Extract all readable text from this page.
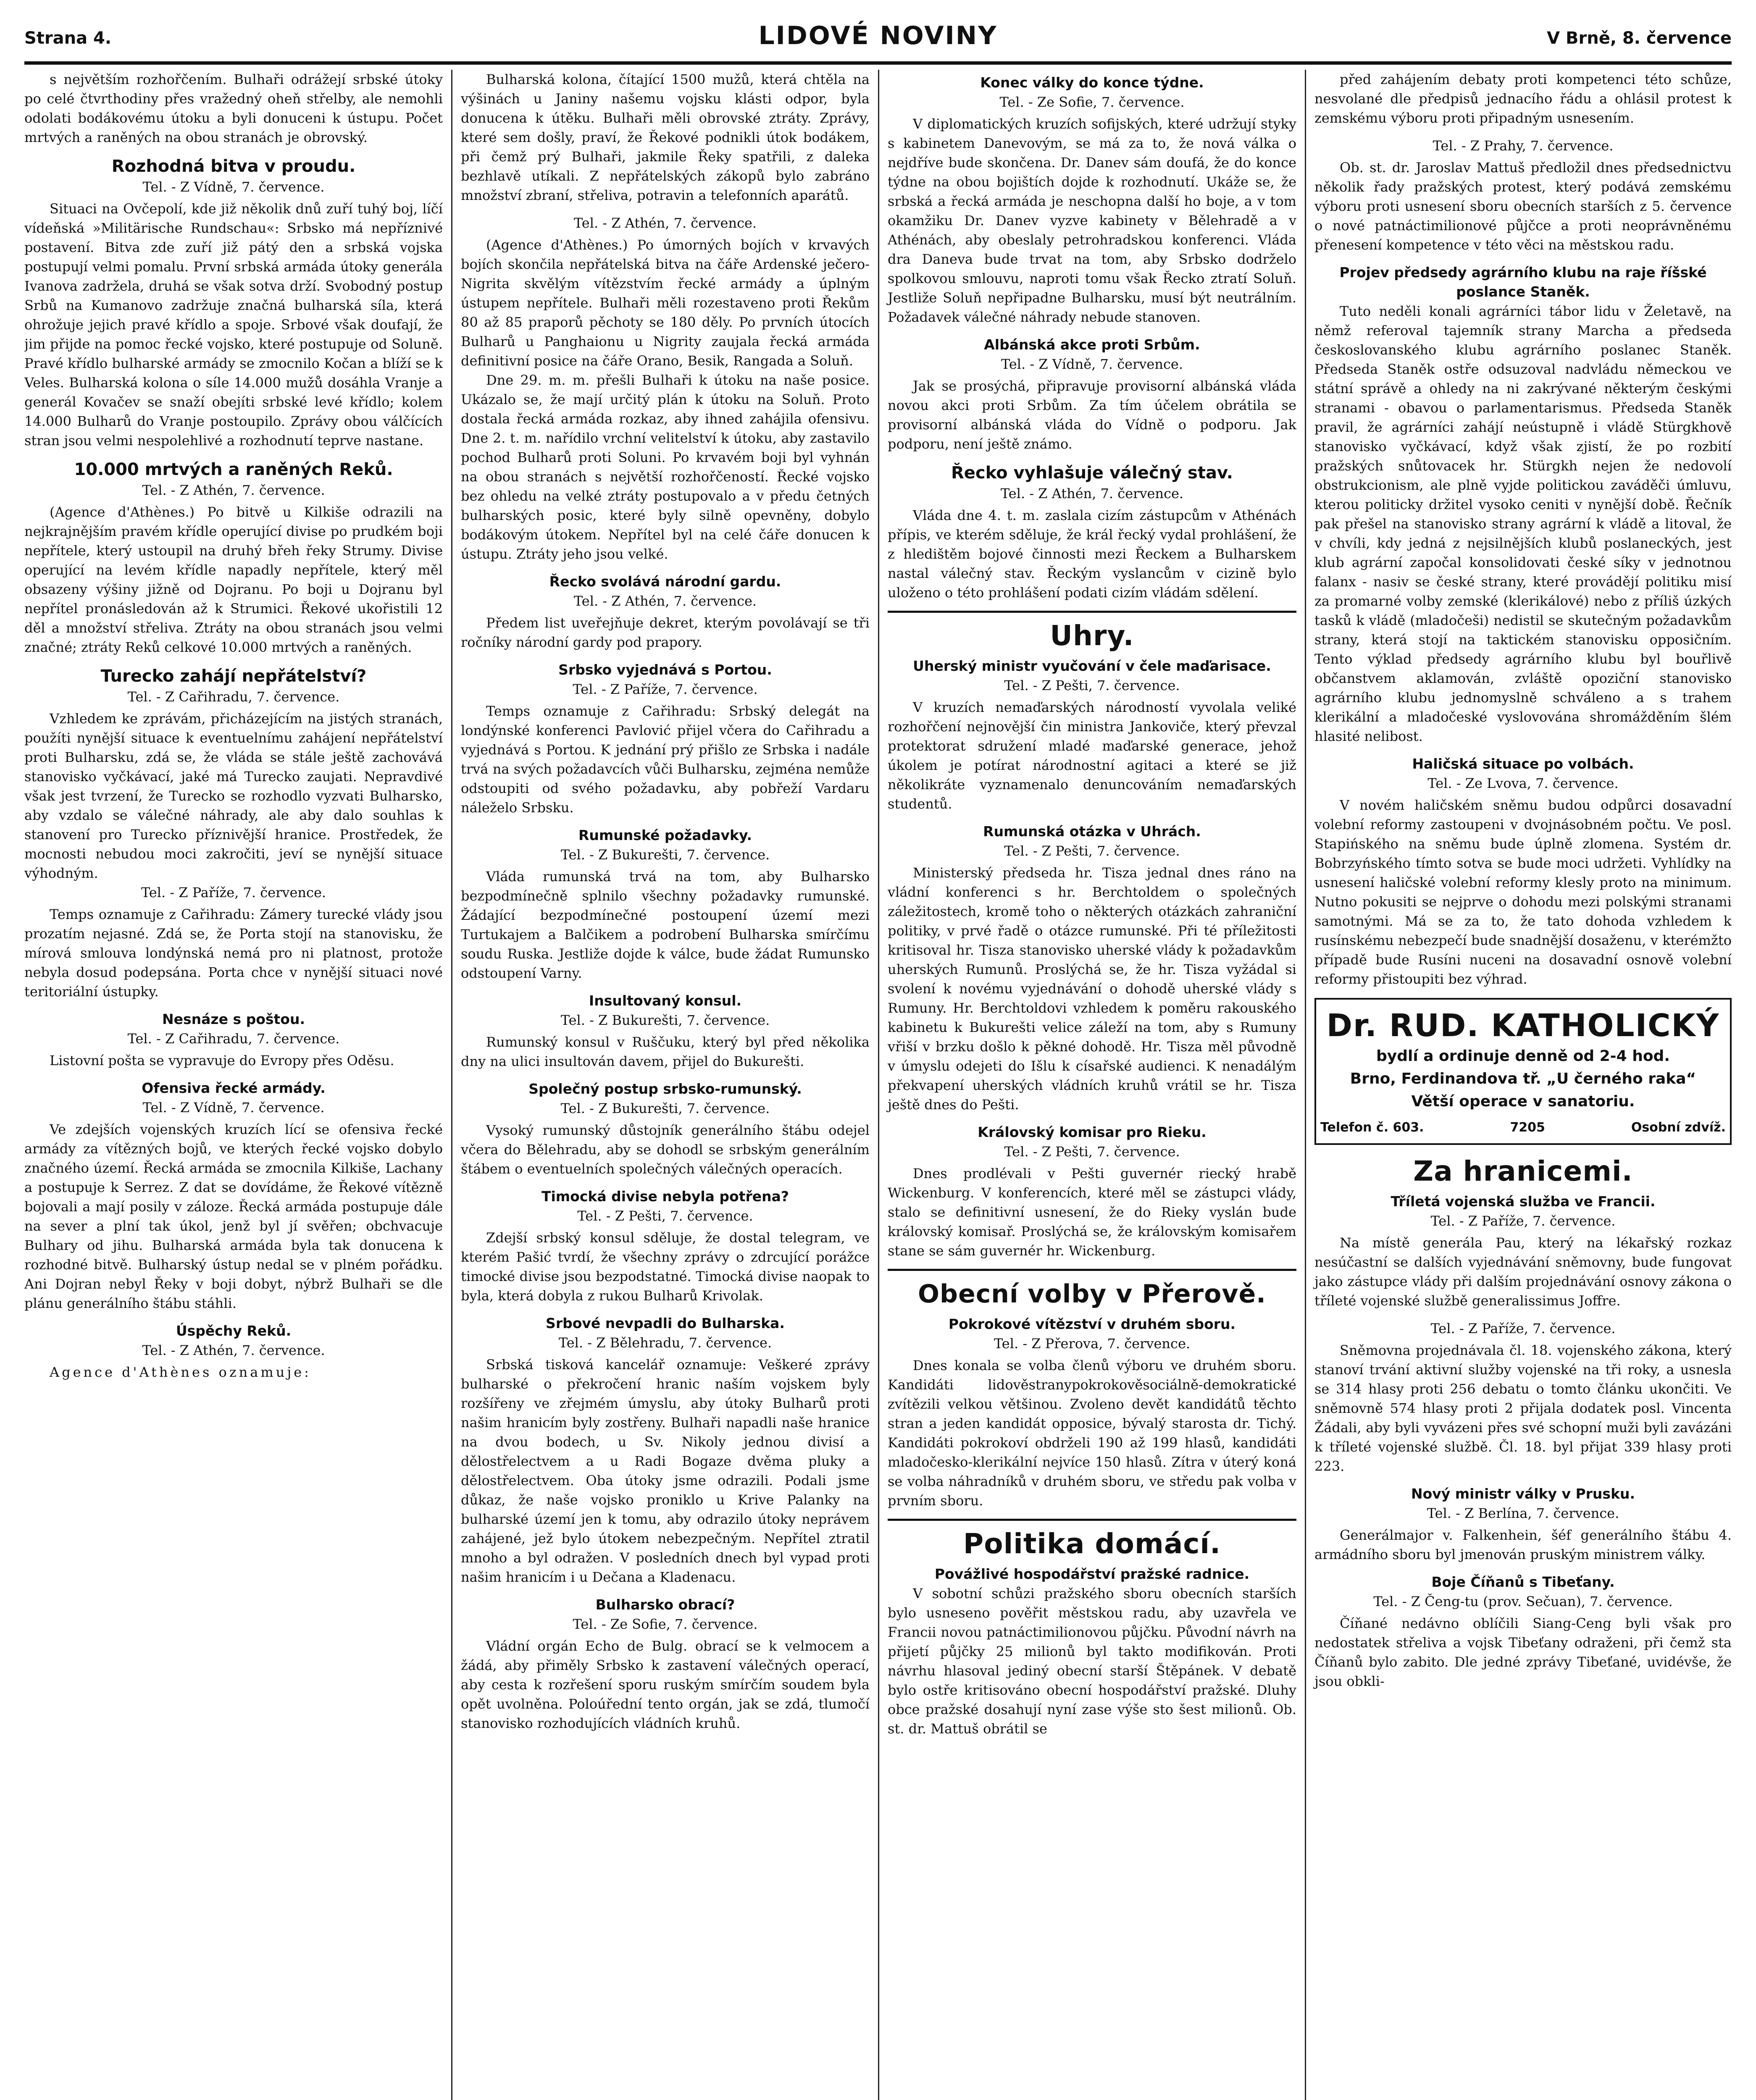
Strana 4.	LIDOVÉ NOVINY	V Brně, 8. července

s největším rozhořčením. Bulhaři odrážejí srbské útoky po celé čtvrthodiny přes vražedný oheň střelby, ale nemohli odolati bodákovému útoku a byli donuceni k ústupu. Počet mrtvých a raněných na obou stranách je obrovský.

Rozhodná bitva v proudu.
Tel. - Z Vídně, 7. července.

Situaci na Ovčepolí, kde již několik dnů zuří tuhý boj, líčí vídeňská »Militärische Rundschau«: Srbsko má nepříznivé postavení. Bitva zde zuří již pátý den a srbská vojska postupují velmi pomalu. První srbská armáda útoky generála Ivanova zadržela, druhá se však sotva drží. Svobodný postup Srbů na Kumanovo zadržuje značná bulharská síla, která ohrožuje jejich pravé křídlo a spoje. Srbové však doufají, že jim přijde na pomoc řecké vojsko, které postupuje od Soluně. Pravé křídlo bulharské armády se zmocnilo Kočan a blíží se k Veles. Bulharská kolona o síle 14.000 mužů dosáhla Vranje a generál Kovačev se snaží obejíti srbské levé křídlo; kolem 14.000 Bulharů do Vranje postoupilo. Zprávy obou válčících stran jsou velmi nespolehlivé a rozhodnutí teprve nastane.

10.000 mrtvých a raněných Reků.
Tel. - Z Athén, 7. července.

(Agence d'Athènes.) Po bitvě u Kilkiše odrazili na nejkrajnějším pravém křídle operující divise po prudkém boji nepřítele, který ustoupil na druhý břeh řeky Strumy. Divise operující na levém křídle napadly nepřítele, který měl obsazeny výšiny jižně od Dojranu. Po boji u Dojranu byl nepřítel pronásledován až k Strumici. Řekové ukořistili 12 děl a množství střeliva. Ztráty na obou stranách jsou velmi značné; ztráty Reků celkové 10.000 mrtvých a raněných.

Turecko zahájí nepřátelství?
Tel. - Z Cařihradu, 7. července.

Vzhledem ke zprávám, přicházejícím na jistých stranách, použíti nynější situace k eventuelnímu zahájení nepřátelství proti Bulharsku, zdá se, že vláda se stále ještě zachovává stanovisko vyčkávací, jaké má Turecko zaujati. Nepravdivé však jest tvrzení, že Turecko se rozhodlo vyzvati Bulharsko, aby vzdalo se válečné náhrady, ale aby dalo souhlas k stanovení pro Turecko příznivější hranice. Prostředek, že mocnosti nebudou moci zakročiti, jeví se nynější situace výhodným.

Tel. - Z Paříže, 7. července.

Temps oznamuje z Cařihradu: Zámery turecké vlády jsou prozatím nejasné. Zdá se, že Porta stojí na stanovisku, že mírová smlouva londýnská nemá pro ni platnost, protože nebyla dosud podepsána. Porta chce v nynější situaci nové teritoriální ústupky.

Nesnáze s poštou.
Tel. - Z Cařihradu, 7. července.

Listovní pošta se vypravuje do Evropy přes Oděsu.

Ofensiva řecké armády.
Tel. - Z Vídně, 7. července.

Ve zdejších vojenských kruzích lící se ofensiva řecké armády za vítězných bojů, ve kterých řecké vojsko dobylo značného území. Řecká armáda se zmocnila Kilkiše, Lachany a postupuje k Serrez. Z dat se dovídáme, že Řekové vítězně bojovali a mají posily v záloze. Řecká armáda postupuje dále na sever a plní tak úkol, jenž byl jí svěřen; obchvacuje Bulhary od jihu. Bulharská armáda byla tak donucena k rozhodné bitvě. Bulharský ústup nedal se v plném pořádku. Ani Dojran nebyl Řeky v boji dobyt, nýbrž Bulhaři se dle plánu generálního štábu stáhli.

Úspěchy Reků.
Tel. - Z Athén, 7. července.

Agence d'Athènes oznamuje:

Bulharská kolona, čítající 1500 mužů, která chtěla na výšinách u Janiny našemu vojsku klásti odpor, byla donucena k útěku. Bulhaři měli obrovské ztráty. Zprávy, které sem došly, praví, že Řekové podnikli útok bodákem, při čemž prý Bulhaři, jakmile Řeky spatřili, z daleka bezhlavě utíkali. Z nepřátelských zákopů bylo zabráno množství zbraní, střeliva, potravin a telefonních aparátů.

Tel. - Z Athén, 7. července.

(Agence d'Athènes.) Po úmorných bojích v krvavých bojích skončila nepřátelská bitva na čáře Ardenské ječero-Nigrita skvělým vítězstvím řecké armády a úplným ústupem nepřítele. Bulhaři měli rozestaveno proti Řekům 80 až 85 praporů pěchoty se 180 děly. Po prvních útocích Bulharů u Panghaionu u Nigrity zaujala řecká armáda definitivní posice na čáře Orano, Besik, Rangada a Soluň.

Dne 29. m. m. přešli Bulhaři k útoku na naše posice. Ukázalo se, že mají určitý plán k útoku na Soluň. Proto dostala řecká armáda rozkaz, aby ihned zahájila ofensivu. Dne 2. t. m. nařídilo vrchní velitelství k útoku, aby zastavilo pochod Bulharů proti Soluni. Po krvavém boji byl vyhnán na obou stranách s největší rozhořčeností. Řecké vojsko bez ohledu na velké ztráty postupovalo a v předu četných bulharských posic, které byly silně opevněny, dobylo bodákovým útokem. Nepřítel byl na celé čáře donucen k ústupu. Ztráty jeho jsou velké.

Řecko svolává národní gardu.
Tel. - Z Athén, 7. července.

Předem list uveřejňuje dekret, kterým povolávají se tři ročníky národní gardy pod prapory.

Srbsko vyjednává s Portou.
Tel. - Z Paříže, 7. července.

Temps oznamuje z Cařihradu: Srbský delegát na londýnské konferenci Pavlović přijel včera do Cařihradu a vyjednává s Portou. K jednání prý přišlo ze Srbska i nadále trvá na svých požadavcích vůči Bulharsku, zejména nemůže odstoupiti od svého požadavku, aby pobřeží Vardaru náleželo Srbsku.

Rumunské požadavky.
Tel. - Z Bukurešti, 7. července.

Vláda rumunská trvá na tom, aby Bulharsko bezpodmínečně splnilo všechny požadavky rumunské. Žádající bezpodmínečné postoupení území mezi Turtukajem a Balčikem a podrobení Bulharska smírčímu soudu Ruska. Jestliže dojde k válce, bude žádat Rumunsko odstoupení Varny.

Insultovaný konsul.
Tel. - Z Bukurešti, 7. července.

Rumunský konsul v Ruščuku, který byl před několika dny na ulici insultován davem, přijel do Bukurešti.

Společný postup srbsko-rumunský.
Tel. - Z Bukurešti, 7. července.

Vysoký rumunský důstojník generálního štábu odejel včera do Bělehradu, aby se dohodl se srbským generálním štábem o eventuelních společných válečných operacích.

Timocká divise nebyla potřena?
Tel. - Z Pešti, 7. července.

Zdejší srbský konsul sděluje, že dostal telegram, ve kterém Pašić tvrdí, že všechny zprávy o zdrcující porážce timocké divise jsou bezpodstatné. Timocká divise naopak to byla, která dobyla z rukou Bulharů Krivolak.

Srbové nevpadli do Bulharska.
Tel. - Z Bělehradu, 7. července.

Srbská tisková kancelář oznamuje: Veškeré zprávy bulharské o překročení hranic naším vojskem byly rozšířeny ve zřejmém úmyslu, aby útoky Bulharů proti našim hranicím byly zostřeny. Bulhaři napadli naše hranice na dvou bodech, u Sv. Nikoly jednou divisí a dělostřelectvem a u Radi Bogaze dvěma pluky a dělostřelectvem. Oba útoky jsme odrazili. Podali jsme důkaz, že naše vojsko proniklo u Krive Palanky na bulharské území jen k tomu, aby odrazilo útoky neprávem zahájené, jež bylo útokem nebezpečným. Nepřítel ztratil mnoho a byl odražen. V posledních dnech byl vypad proti našim hranicím i u Dečana a Kladenacu.

Bulharsko obrací?
Tel. - Ze Sofie, 7. července.

Vládní orgán Echo de Bulg. obrací se k velmocem a žádá, aby přiměly Srbsko k zastavení válečných operací, aby cesta k rozřešení sporu ruským smírčím soudem byla opět uvolněna. Poloúřední tento orgán, jak se zdá, tlumočí stanovisko rozhodujících vládních kruhů.

Konec války do konce týdne.
Tel. - Ze Sofie, 7. července.

V diplomatických kruzích sofijských, které udržují styky s kabinetem Danevovým, se má za to, že nová válka o nejdříve bude skončena. Dr. Danev sám doufá, že do konce týdne na obou bojištích dojde k rozhodnutí. Ukáže se, že srbská a řecká armáda je neschopna další ho boje, a v tom okamžiku Dr. Danev vyzve kabinety v Bělehradě a v Athénách, aby obeslaly petrohradskou konferenci. Vláda dra Daneva bude trvat na tom, aby Srbsko dodrželo spolkovou smlouvu, naproti tomu však Řecko ztratí Soluň. Jestliže Soluň nepřipadne Bulharsku, musí být neutrálním. Požadavek válečné náhrady nebude stanoven.

Albánská akce proti Srbům.
Tel. - Z Vídně, 7. července.

Jak se prosýchá, připravuje provisorní albánská vláda novou akci proti Srbům. Za tím účelem obrátila se provisorní albánská vláda do Vídně o podporu. Jak podporu, není ještě známo.

Řecko vyhlašuje válečný stav.
Tel. - Z Athén, 7. července.

Vláda dne 4. t. m. zaslala cizím zástupcům v Athénách přípis, ve kterém sděluje, že král řecký vydal prohlášení, že z hledištěm bojové činnosti mezi Řeckem a Bulharskem nastal válečný stav. Řeckým vyslancům v cizině bylo uloženo o této prohlášení podati cizím vládám sdělení.

Uhry.
Uherský ministr vyučování v čele maďarisace.
Tel. - Z Pešti, 7. července.

V kruzích nemaďarských národností vyvolala veliké rozhořčení nejnovější čin ministra Jankoviče, který převzal protektorat sdružení mladé maďarské generace, jehož úkolem je potírat národnostní agitaci a které se již několikráte vyznamenalo denuncováním nemaďarských studentů.

Rumunská otázka v Uhrách.
Tel. - Z Pešti, 7. července.

Ministerský předseda hr. Tisza jednal dnes ráno na vládní konferenci s hr. Berchtoldem o společných záležitostech, kromě toho o některých otázkách zahraniční politiky, v prvé řadě o otázce rumunské. Při té příležitosti kritisoval hr. Tisza stanovisko uherské vlády k požadavkům uherských Rumunů. Proslýchá se, že hr. Tisza vyžádal si svolení k novému vyjednávání o dohodě uherské vlády s Rumuny. Hr. Berchtoldovi vzhledem k poměru rakouského kabinetu k Bukurešti velice záleží na tom, aby s Rumuny vřiší v brzku došlo k pěkné dohodě. Hr. Tisza měl původně v úmyslu odejeti do Išlu k císařské audienci. K nenadálým překvapení uherských vládních kruhů vrátil se hr. Tisza ještě dnes do Pešti.

Královský komisar pro Rieku.
Tel. - Z Pešti, 7. července.

Dnes prodlévali v Pešti guvernér riecký hrabě Wickenburg. V konferencích, které měl se zástupci vlády, stalo se definitivní usnesení, že do Rieky vyslán bude královský komisař. Proslýchá se, že královským komisařem stane se sám guvernér hr. Wickenburg.

Obecní volby v Přerově.
Pokrokové vítězství v druhém sboru.
Tel. - Z Přerova, 7. července.

Dnes konala se volba členů výboru ve druhém sboru. Kandidáti lidověstranypokrokověsociálně-demokratické zvítězili velkou většinou. Zvoleno devět kandidátů těchto stran a jeden kandidát opposice, bývalý starosta dr. Tichý. Kandidáti pokrokoví obdrželi 190 až 199 hlasů, kandidáti mladočesko-klerikální nejvíce 150 hlasů. Zítra v úterý koná se volba náhradníků v druhém sboru, ve středu pak volba v prvním sboru.

Politika domácí.
Povážlivé hospodářství pražské radnice.

V sobotní schůzi pražského sboru obecních starších bylo usneseno pověřit městskou radu, aby uzavřela ve Francii novou patnáctimilionovou půjčku. Původní návrh na přijetí půjčky 25 milionů byl takto modifikován. Proti návrhu hlasoval jediný obecní starší Štěpánek. V debatě bylo ostře kritisováno obecní hospodářství pražské. Dluhy obce pražské dosahují nyní zase výše sto šest milionů. Ob. st. dr. Mattuš obrátil se

před zahájením debaty proti kompetenci této schůze, nesvolané dle předpisů jednacího řádu a ohlásil protest k zemskému výboru proti připadným usnesením.

Tel. - Z Prahy, 7. července.

Ob. st. dr. Jaroslav Mattuš předložil dnes předsednictvu několik řady pražských protest, který podává zemskému výboru proti usnesení sboru obecních starších z 5. července o nové patnáctimilionové půjčce a proti neoprávněnému přenesení kompetence v této věci na městskou radu.

Projev předsedy agrárního klubu na raje říšské poslance Staněk.

Tuto neděli konali agrárníci tábor lidu v Želetavě, na němž referoval tajemník strany Marcha a předseda českoslovanského klubu agrárního poslanec Staněk. Předseda Staněk ostře odsuzoval nadvládu německou ve státní správě a ohledy na ni zakrývané některým českými stranami - obavou o parlamentarismus. Předseda Staněk pravil, že agrárníci zahájí neústupně i vládě Stürgkhově stanovisko vyčkávací, když však zjistí, že po rozbití pražských snůtovacek hr. Stürgkh nejen že nedovolí obstrukcionism, ale plně vyjde politickou zaváděči úmluvu, kterou politicky držitel vysoko ceniti v nynější době. Řečník pak přešel na stanovisko strany agrární k vládě a litoval, že v chvíli, kdy jedná z nejsilnějších klubů poslaneckých, jest klub agrární započal konsolidovati české síky v jednotnou falanx - nasiv se české strany, které provádějí politiku misí za promarné volby zemské (klerikálové) nebo z příliš úzkých tasků k vládě (mladočeši) nedistil se skutečným požadavkům strany, která stojí na taktickém stanovisku opposičním. Tento výklad předsedy agrárního klubu byl bouřlivě občanstvem aklamován, zvláště opoziční stanovisko agrárního klubu jednomyslně schváleno a s trahem klerikální a mladočeské vyslovována shromážděním šlém hlasité nelibost.

Haličská situace po volbách.
Tel. - Ze Lvova, 7. července.

V novém haličském sněmu budou odpůrci dosavadní volební reformy zastoupeni v dvojnásobném počtu. Ve posl. Stapińského na sněmu bude úplně zlomena. Systém dr. Bobrzyńského tímto sotva se bude moci udržeti. Vyhlídky na usnesení haličské volební reformy klesly proto na minimum. Nutno pokusiti se nejprve o dohodu mezi polskými stranami samotnými. Má se za to, že tato dohoda vzhledem k rusínskému nebezpečí bude snadnější dosaženu, v kterémžto případě bude Rusíni nuceni na dosavadní osnově volební reformy přistoupiti bez výhrad.

Dr. RUD. KATHOLICKÝ
bydlí a ordinuje denně od 2-4 hod.
Brno, Ferdinandova tř. „U černého raka“
Větší operace v sanatoriu.
Telefon č. 603.	7205	Osobní zdvíž.
Za hranicemi.
Tříletá vojenská služba ve Francii.
Tel. - Z Paříže, 7. července.

Na místě generála Pau, který na lékařský rozkaz nesúčastní se dalších vyjednávání sněmovny, bude fungovat jako zástupce vlády při dalším projednávání osnovy zákona o tříleté vojenské službě generalissimus Joffre.

Tel. - Z Paříže, 7. července.

Sněmovna projednávala čl. 18. vojenského zákona, který stanoví trvání aktivní služby vojenské na tři roky, a usnesla se 314 hlasy proti 256 debatu o tomto článku ukončiti. Ve sněmovně 574 hlasy proti 2 přijala dodatek posl. Vincenta Žádali, aby byli vyvázeni přes své schopní muži byli zavázáni k tříleté vojenské službě. Čl. 18. byl přijat 339 hlasy proti 223.

Nový ministr války v Prusku.
Tel. - Z Berlína, 7. července.

Generálmajor v. Falkenhein, šéf generálního štábu 4. armádního sboru byl jmenován pruským ministrem války.

Boje Číňanů s Tibeťany.
Tel. - Z Čeng-tu (prov. Sečuan), 7. července.

Číňané nedávno oblíčili Siang-Ceng byli však pro nedostatek střeliva a vojsk Tibeťany odraženi, při čemž sta Číňanů bylo zabito. Dle jedné zprávy Tibeťané, uvidévše, že jsou obkli-
